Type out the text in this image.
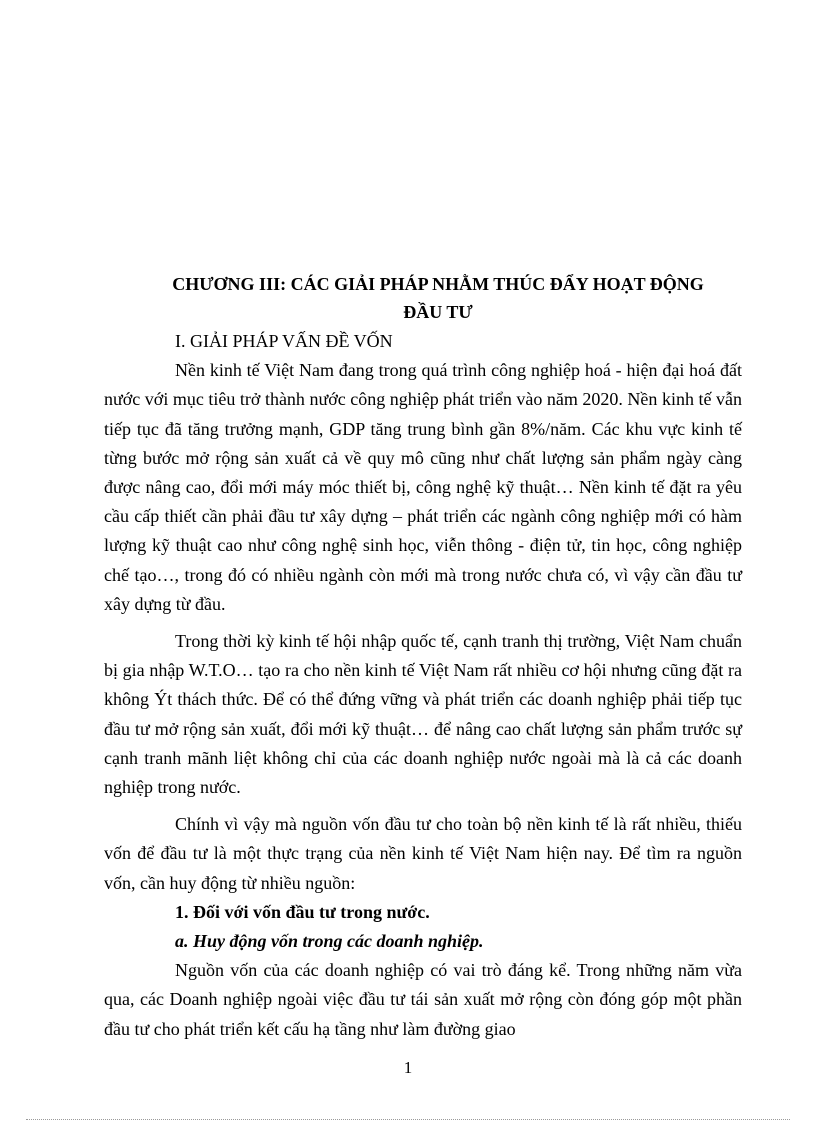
CHƯƠNG III: CÁC GIẢI PHÁP NHẰM THÚC ĐẨY HOẠT ĐỘNG
ĐẦU TƯ

I. GIẢI PHÁP VẤN ĐỀ VỐN

Nền kinh tế Việt Nam đang trong quá trình công nghiệp hoá - hiện đại hoá đất nước với mục tiêu trở thành nước công nghiệp phát triển vào năm 2020. Nền kinh tế vẫn tiếp tục đã tăng trưởng mạnh, GDP tăng trung bình gần 8%/năm. Các khu vực kinh tế từng bước mở rộng sản xuất cả về quy mô cũng như chất lượng sản phẩm ngày càng được nâng cao, đổi mới máy móc thiết bị, công nghệ kỹ thuật… Nền kinh tế đặt ra yêu cầu cấp thiết cần phải đầu tư xây dựng – phát triển các ngành công nghiệp mới có hàm lượng kỹ thuật cao như công nghệ sinh học, viễn thông - điện tử, tin học, công nghiệp chế tạo…, trong đó có nhiều ngành còn mới mà trong nước chưa có, vì vậy cần đầu tư xây dựng từ đầu.

Trong thời kỳ kinh tế hội nhập quốc tế, cạnh tranh thị trường, Việt Nam chuẩn bị gia nhập W.T.O… tạo ra cho nền kinh tế Việt Nam rất nhiều cơ hội nhưng cũng đặt ra không Ýt thách thức. Để có thể đứng vững và phát triển các doanh nghiệp phải tiếp tục đầu tư mở rộng sản xuất, đổi mới kỹ thuật… để nâng cao chất lượng sản phẩm trước sự cạnh tranh mãnh liệt không chỉ của các doanh nghiệp nước ngoài mà là cả các doanh nghiệp trong nước.

Chính vì vậy mà nguồn vốn đầu tư cho toàn bộ nền kinh tế là rất nhiều, thiếu vốn để đầu tư là một thực trạng của nền kinh tế Việt Nam hiện nay. Để tìm ra nguồn vốn, cần huy động từ nhiều nguồn:

1. Đối với vốn đầu tư trong nước.

a. Huy động vốn trong các doanh nghiệp.

Nguồn vốn của các doanh nghiệp có vai trò đáng kể. Trong những năm vừa qua, các Doanh nghiệp ngoài việc đầu tư tái sản xuất mở rộng còn đóng góp một phần đầu tư cho phát triển kết cấu hạ tầng như làm đường giao

1
